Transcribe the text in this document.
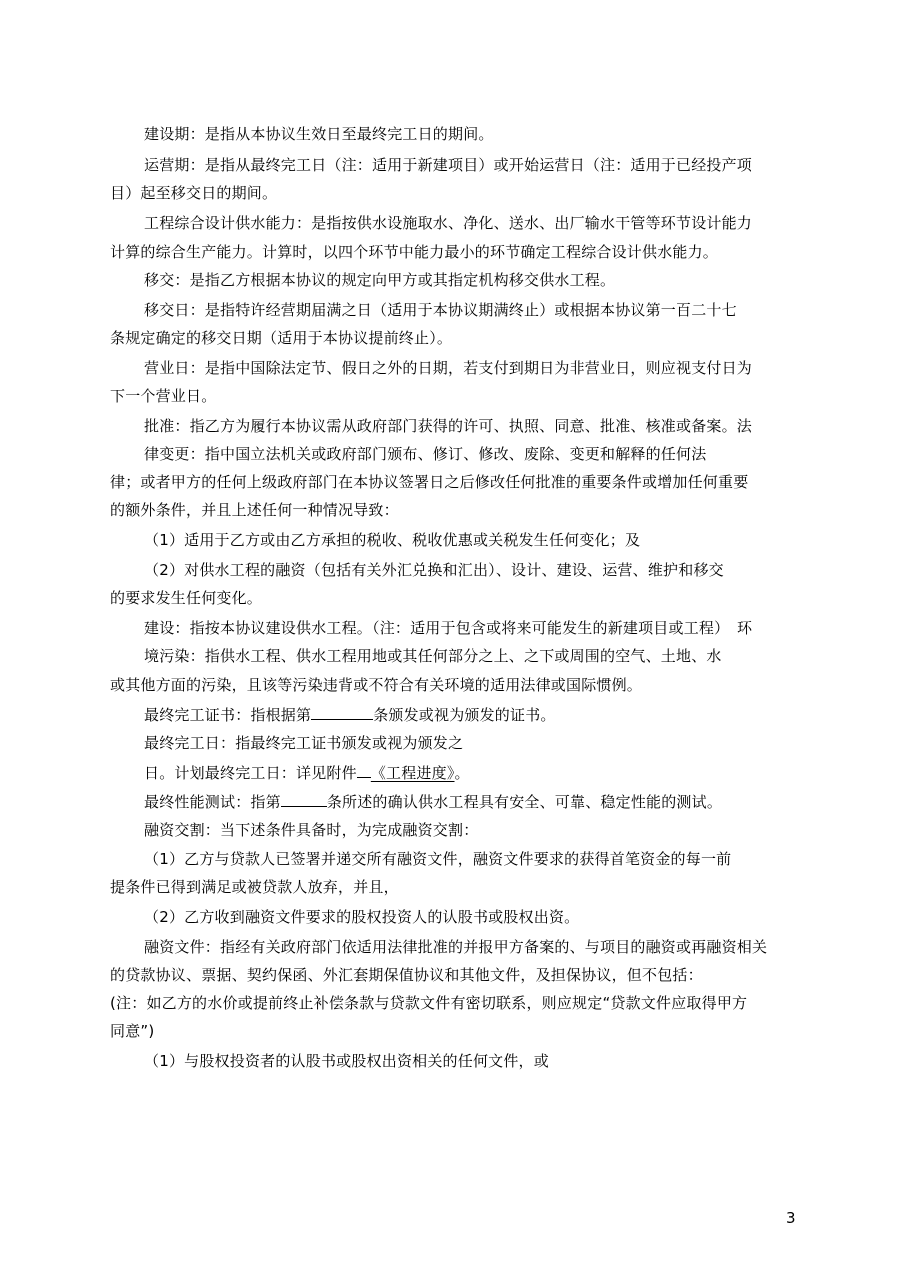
建设期：是指从本协议生效日至最终完工日的期间。
运营期：是指从最终完工日（注：适用于新建项目）或开始运营日（注：适用于已经投产项
目）起至移交日的期间。
工程综合设计供水能力：是指按供水设施取水、净化、送水、出厂输水干管等环节设计能力
计算的综合生产能力。计算时，以四个环节中能力最小的环节确定工程综合设计供水能力。
移交：是指乙方根据本协议的规定向甲方或其指定机构移交供水工程。
移交日：是指特许经营期届满之日（适用于本协议期满终止）或根据本协议第一百二十七
条规定确定的移交日期（适用于本协议提前终止）。
营业日：是指中国除法定节、假日之外的日期，若支付到期日为非营业日，则应视支付日为
下一个营业日。
批准：指乙方为履行本协议需从政府部门获得的许可、执照、同意、批准、核准或备案。法
律变更：指中国立法机关或政府部门颁布、修订、修改、废除、变更和解释的任何法
律；或者甲方的任何上级政府部门在本协议签署日之后修改任何批准的重要条件或增加任何重要
的额外条件，并且上述任何一种情况导致：
（1）适用于乙方或由乙方承担的税收、税收优惠或关税发生任何变化；及
（2）对供水工程的融资（包括有关外汇兑换和汇出）、设计、建设、运营、维护和移交
的要求发生任何变化。
建设：指按本协议建设供水工程。（注：适用于包含或将来可能发生的新建项目或工程）　环
境污染：指供水工程、供水工程用地或其任何部分之上、之下或周围的空气、土地、水
或其他方面的污染，且该等污染违背或不符合有关环境的适用法律或国际惯例。
最终完工证书：指根据第	条颁发或视为颁发的证书。
最终完工日：指最终完工证书颁发或视为颁发之
日。计划最终完工日：详见附件 《工程进度》。
最终性能测试：指第	条所述的确认供水工程具有安全、可靠、稳定性能的测试。
融资交割：当下述条件具备时，为完成融资交割：
（1）乙方与贷款人已签署并递交所有融资文件，融资文件要求的获得首笔资金的每一前
提条件已得到满足或被贷款人放弃，并且，
（2）乙方收到融资文件要求的股权投资人的认股书或股权出资。
融资文件：指经有关政府部门依适用法律批准的并报甲方备案的、与项目的融资或再融资相关
的贷款协议、票据、契约保函、外汇套期保值协议和其他文件，及担保协议，但不包括：
(注：如乙方的水价或提前终止补偿条款与贷款文件有密切联系，则应规定“贷款文件应取得甲方
同意”)
（1）与股权投资者的认股书或股权出资相关的任何文件，或
3
